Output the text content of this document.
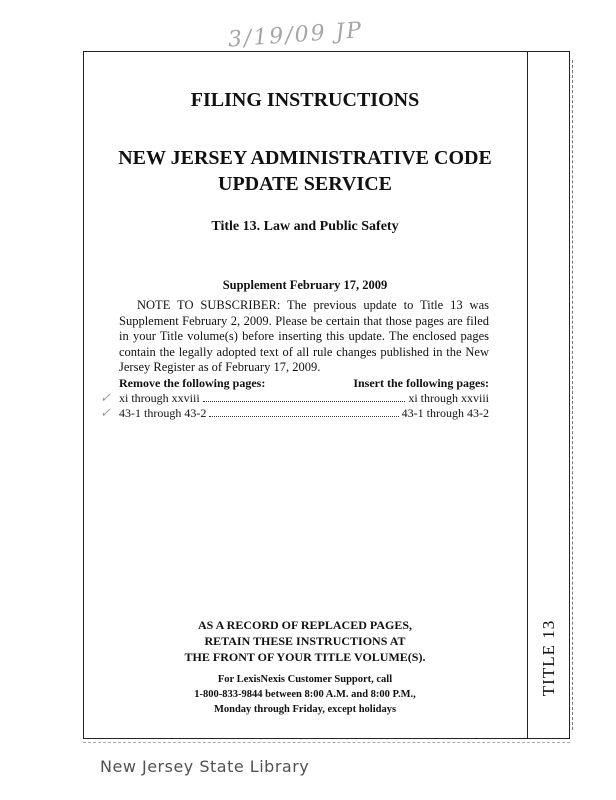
3/19/09 JP
TITLE 13
FILING INSTRUCTIONS
NEW JERSEY ADMINISTRATIVE CODE
UPDATE SERVICE
Title 13. Law and Public Safety
Supplement February 17, 2009
NOTE TO SUBSCRIBER: The previous update to Title 13 was Supplement February 2, 2009. Please be certain that those pages are filed in your Title volume(s) before inserting this update. The enclosed pages contain the legally adopted text of all rule changes published in the New Jersey Register as of February 17, 2009.
Remove the following pages:	Insert the following pages:
✓ xi through xxviii	xi through xxviii
✓ 43-1 through 43-2	43-1 through 43-2
AS A RECORD OF REPLACED PAGES,
RETAIN THESE INSTRUCTIONS AT
THE FRONT OF YOUR TITLE VOLUME(S).
For LexisNexis Customer Support, call
1-800-833-9844 between 8:00 A.M. and 8:00 P.M.,
Monday through Friday, except holidays
New Jersey State Library
